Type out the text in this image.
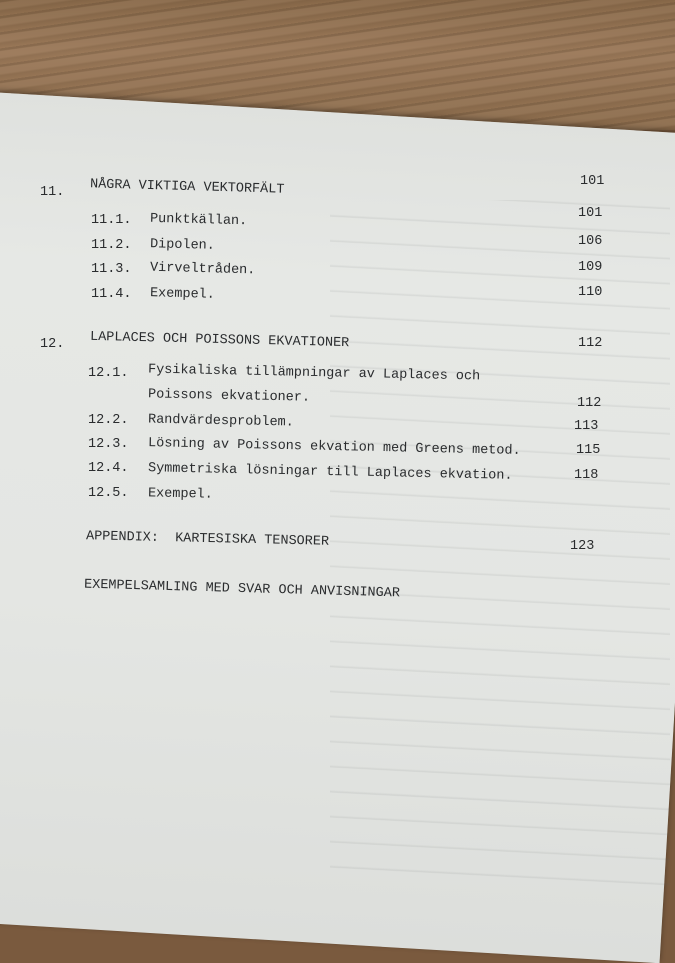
11. NÅGRA VIKTIGA VEKTORFÄLT	101
11.1. Punktkällan.	101
11.2. Dipolen.	106
11.3. Virveltråden.	109
11.4. Exempel.	110
12. LAPLACES OCH POISSONS EKVATIONER	112
12.1. Fysikaliska tillämpningar av Laplaces och
Poissons ekvationer.	112
12.2. Randvärdesproblem.	113
12.3. Lösning av Poissons ekvation med Greens metod.	115
12.4. Symmetriska lösningar till Laplaces ekvation.	118
12.5. Exempel.
APPENDIX:  KARTESISKA TENSORER	123
EXEMPELSAMLING MED SVAR OCH ANVISNINGAR
